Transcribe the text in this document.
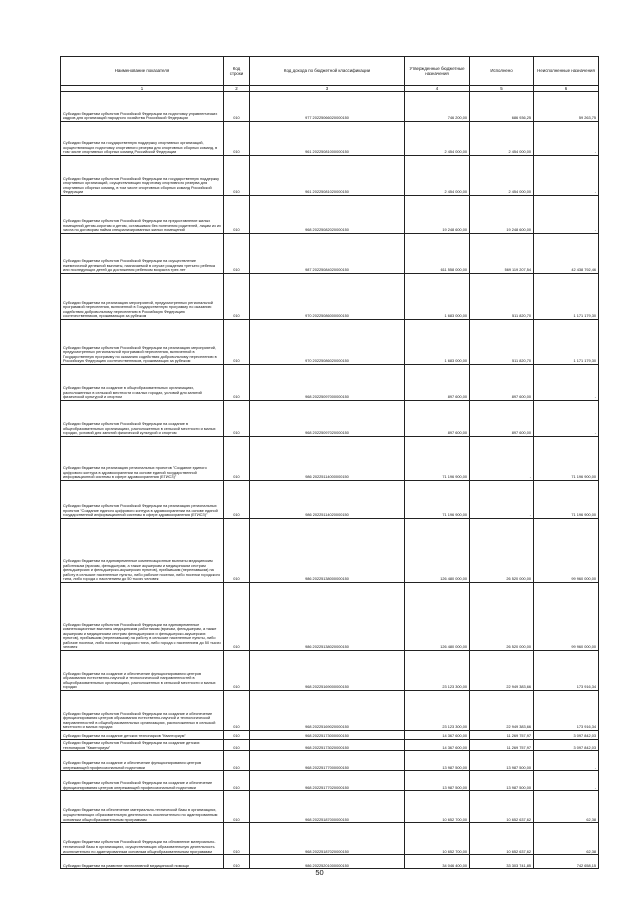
Наименование показателя	Код строки	Код дохода по бюджетной классификации	Утвержденные бюджетные назначения	Исполнено	Неисполненные назначения
1	2	3	4	5	6
Субсидии бюджетам субъектов Российской Федерации на подготовку управленческих кадров для организаций народного хозяйства Российской Федерации	010	977 20225066020000150	746 200,00	686 936,25	59 263,75
Субсидии бюджетам на государственную поддержку спортивных организаций, осуществляющих подготовку спортивного резерва для спортивных сборных команд, в том числе спортивных сборных команд Российской Федерации	010	961 20225081000000150	2 454 000,00	2 454 000,00	-
Субсидии бюджетам субъектов Российской Федерации на государственную поддержку спортивных организаций, осуществляющих подготовку спортивного резерва для спортивных сборных команд, в том числе спортивных сборных команд Российской Федерации	010	961 20225081020000150	2 454 000,00	2 454 000,00	-
Субсидии бюджетам субъектов Российской Федерации на предоставление жилых помещений детям-сиротам и детям, оставшимся без попечения родителей, лицам из их числа по договорам найма специализированных жилых помещений	010	968 20225082020000150	19 248 600,00	19 248 600,00	-
Субсидии бюджетам субъектов Российской Федерации на осуществление ежемесячной денежной выплаты, назначаемой в случае рождения третьего ребенка или последующих детей до достижения ребенком возраста трех лет	010	987 20225084020000150	611 558 000,00	569 119 207,54	42 438 792,46
Субсидии бюджетам на реализацию мероприятий, предусмотренных региональной программой переселения, включенной в Государственную программу по оказанию содействия добровольному переселению в Российскую Федерацию соотечественников, проживающих за рубежом	010	970 20225086000000150	1 683 000,00	511 820,70	1 171 179,30
Субсидии бюджетам субъектов Российской Федерации на реализацию мероприятий, предусмотренных региональной программой переселения, включенной в Государственную программу по оказанию содействия добровольному переселению в Российскую Федерацию соотечественников, проживающих за рубежом	010	970 20225086020000150	1 683 000,00	511 820,70	1 171 179,30
Субсидии бюджетам на создание в общеобразовательных организациях, расположенных в сельской местности и малых городах, условий для занятий физической культурой и спортом	010	968 20225097000000150	897 600,00	897 600,00	-
Субсидии бюджетам субъектов Российской Федерации на создание в общеобразовательных организациях, расположенных в сельской местности и малых городах, условий для занятий физической культурой и спортом	010	968 20225097020000150	897 600,00	897 600,00	-
Субсидии бюджетам на реализацию региональных проектов "Создание единого цифрового контура в здравоохранении на основе единой государственной информационной системы в сфере здравоохранения (ЕГИСЗ)"	010	986 20225114000000150	71 196 900,00	-	71 196 900,00
Субсидии бюджетам субъектов Российской Федерации на реализацию региональных проектов "Создание единого цифрового контура в здравоохранении на основе единой государственной информационной системы в сфере здравоохранения (ЕГИСЗ)"	010	986 20225114020000150	71 196 900,00	-	71 196 900,00
Субсидии бюджетам на единовременные компенсационные выплаты медицинским работникам (врачам, фельдшерам, а также акушеркам и медицинским сестрам фельдшерских и фельдшерско-акушерских пунктов), прибывшим (переехавшим) на работу в сельские населенные пункты, либо рабочие поселки, либо поселки городского типа, либо города с населением до 50 тысяч человек	010	986 20225138000000150	126 480 000,00	26 520 000,00	99 960 000,00
Субсидии бюджетам субъектов Российской Федерации на единовременные компенсационные выплаты медицинским работникам (врачам, фельдшерам, а также акушеркам и медицинским сестрам фельдшерских и фельдшерско-акушерских пунктов), прибывшим (переехавшим) на работу в сельские населенные пункты, либо рабочие поселки, либо поселки городского типа, либо города с населением до 50 тысяч человек	010	986 20225138020000150	126 480 000,00	26 520 000,00	99 960 000,00
Субсидии бюджетам на создание и обеспечение функционирования центров образования естественно-научной и технологической направленностей в общеобразовательных организациях, расположенных в сельской местности и малых городах	010	968 20225169000000150	23 123 300,00	22 949 383,66	173 916,34
Субсидии бюджетам субъектов Российской Федерации на создание и обеспечение функционирования центров образования естественно-научной и технологической направленностей в общеобразовательных организациях, расположенных в сельской местности и малых городах	010	968 20225169020000150	23 123 300,00	22 949 383,66	173 916,34
Субсидии бюджетам на создание детских технопарков "Кванториум"	010	968 20225173000000150	14 367 600,00	11 269 757,97	3 097 842,03
Субсидии бюджетам субъектов Российской Федерации на создание детских технопарков "Кванториум"	010	968 20225173020000150	14 367 600,00	11 269 757,97	3 097 842,03
Субсидии бюджетам на создание и обеспечение функционирования центров опережающей профессиональной подготовки	010	968 20225177000000150	13 987 500,00	13 987 500,00	-
Субсидии бюджетам субъектов Российской Федерации на создание и обеспечение функционирования центров опережающей профессиональной подготовки	010	968 20225177020000150	13 987 500,00	13 987 500,00	-
Субсидии бюджетам на обеспечение материально-технической базы в организациях, осуществляющих образовательную деятельность исключительно по адаптированным основным общеобразовательным программам	010	968 20225187000000150	10 652 700,00	10 652 637,62	62,38
Субсидии бюджетам субъектов Российской Федерации на обновление материально-технической базы в организациях, осуществляющих образовательную деятельность исключительно по адаптированным основным общеобразовательным программам	010	968 20225187020000150	10 652 700,00	10 652 637,62	62,38
Субсидии бюджетам на развитие паллиативной медицинской помощи	010	986 20225201000000150	34 046 400,00	33 303 741,85	742 658,15
50
